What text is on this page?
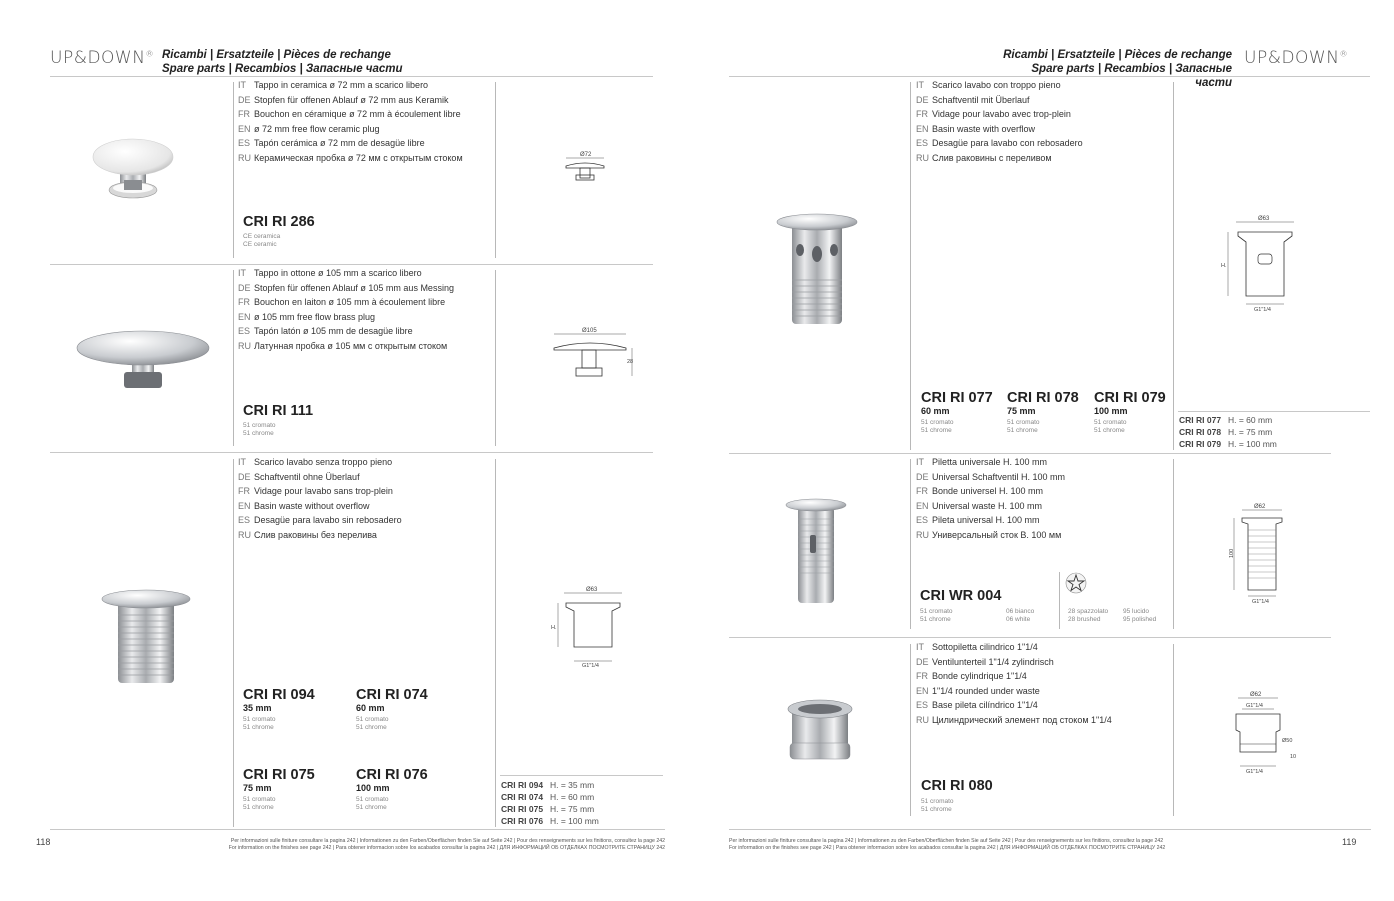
UP&DOWN® Ricambi | Ersatzteile | Pièces de rechange
Spare parts | Recambios | Запасные части
IT Tappo in ceramica ø 72 mm a scarico libero
DE Stopfen für offenen Ablauf ø 72 mm aus Keramik
FR Bouchon en céramique ø 72 mm à écoulement libre
EN ø 72 mm free flow ceramic plug
ES Tapón cerámica ø 72 mm de desagüe libre
RU Керамическая пробка ø 72 мм с открытым стоком
CRI RI 286
CE ceramica
CE ceramic
Ø72
IT Tappo in ottone ø 105 mm a scarico libero
DE Stopfen für offenen Ablauf ø 105 mm aus Messing
FR Bouchon en laiton ø 105 mm à écoulement libre
EN ø 105 mm free flow brass plug
ES Tapón latón ø 105 mm de desagüe libre
RU Латунная пробка ø 105 мм с открытым стоком
CRI RI 111
51 cromato
51 chrome
Ø105
28
IT Scarico lavabo senza troppo pieno
DE Schaftventil ohne Überlauf
FR Vidage pour lavabo sans trop-plein
EN Basin waste without overflow
ES Desagüe para lavabo sin rebosadero
RU Слив раковины без перелива
CRI RI 094
35 mm
51 cromato
51 chrome
CRI RI 074
60 mm
51 cromato
51 chrome
CRI RI 075
75 mm
51 cromato
51 chrome
CRI RI 076
100 mm
51 cromato
51 chrome
Ø63
H.
G1"1/4
CRI RI 094 H. = 35 mm
CRI RI 074 H. = 60 mm
CRI RI 075 H. = 75 mm
CRI RI 076 H. = 100 mm
118	Per informazioni sulle finiture consultare la pagina 242 | Informationen zu den Farben/Oberflächen finden Sie auf Seite 242 | Pour des renseignements sur les finitions, consultez la page 242
For information on the finishes see page 242 | Para obtener informacion sobre los acabados consultar la pagina 242 | ДЛЯ ИНФОРМАЦИЙ ОБ ОТДЕЛКАХ ПОСМОТРИТЕ СТРАНИЦУ 242
Ricambi | Ersatzteile | Pièces de rechange
Spare parts | Recambios | Запасные части
UP&DOWN®
IT Scarico lavabo con troppo pieno
DE Schaftventil mit Überlauf
FR Vidage pour lavabo avec trop-plein
EN Basin waste with overflow
ES Desagüe para lavabo con rebosadero
RU Слив раковины с переливом
CRI RI 077
60 mm
51 cromato
51 chrome
CRI RI 078
75 mm
51 cromato
51 chrome
CRI RI 079
100 mm
51 cromato
51 chrome
Ø63
H.
G1"1/4
CRI RI 077 H. = 60 mm
CRI RI 078 H. = 75 mm
CRI RI 079 H. = 100 mm
IT Piletta universale H. 100 mm
DE Universal Schaftventil H. 100 mm
FR Bonde universel H. 100 mm
EN Universal waste H. 100 mm
ES Pileta universal H. 100 mm
RU Универсальный сток В. 100 мм
CRI WR 004
51 cromato
51 chrome
06 bianco
06 white
28 spazzolato
28 brushed
95 lucido
95 polished
Ø62
100
G1"1/4
IT Sottopiletta cilindrico 1"1/4
DE Ventilunterteil 1"1/4 zylindrisch
FR Bonde cylindrique 1"1/4
EN 1"1/4 rounded under waste
ES Base pileta cilíndrico 1"1/4
RU Цилиндрический элемент под стоком 1"1/4
CRI RI 080
51 cromato
51 chrome
Ø62
G1"1/4
Ø50
10
G1"1/4
Per informazioni sulle finiture consultare la pagina 242 | Informationen zu den Farben/Oberflächen finden Sie auf Seite 242 | Pour des renseignements sur les finitions, consultez la page 242
For information on the finishes see page 242 | Para obtener informacion sobre los acabados consultar la pagina 242 | ДЛЯ ИНФОРМАЦИЙ ОБ ОТДЕЛКАХ ПОСМОТРИТЕ СТРАНИЦУ 242
119
